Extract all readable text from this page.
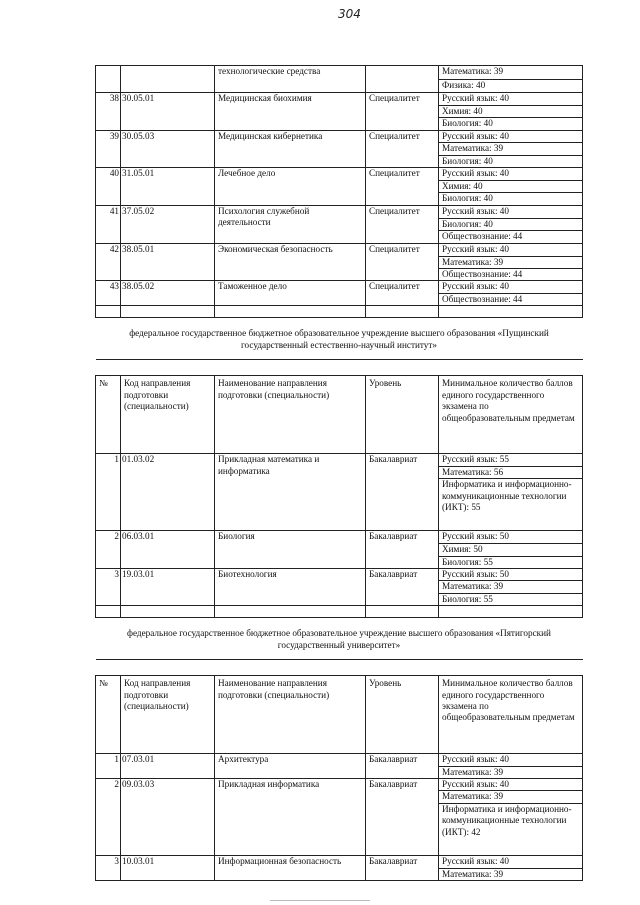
304
		технологические средства		Математика: 39
				Физика: 40
38	30.05.01	Медицинская биохимия	Специалитет	Русский язык: 40
				Химия: 40
				Биология: 40
39	30.05.03	Медицинская кибернетика	Специалитет	Русский язык: 40
				Математика: 39
				Биология: 40
40	31.05.01	Лечебное дело	Специалитет	Русский язык: 40
				Химия: 40
				Биология: 40
41	37.05.02	Психология служебной деятельности	Специалитет	Русский язык: 40
				Биология: 40
				Обществознание: 44
42	38.05.01	Экономическая безопасность	Специалитет	Русский язык: 40
				Математика: 39
				Обществознание: 44
43	38.05.02	Таможенное дело	Специалитет	Русский язык: 40
				Обществознание: 44

федеральное государственное бюджетное образовательное учреждение высшего образования «Пущинский государственный естественно-научный институт»				

№	Код направления подготовки (специальности)	Наименование направления подготовки (специальности)	Уровень	Минимальное количество баллов единого государственного экзамена по общеобразовательным предметам
1	01.03.02	Прикладная математика и информатика	Бакалавриат	Русский язык: 55
				Математика: 56
				Информатика и информационно-коммуникационные технологии (ИКТ): 55
2	06.03.01	Биология	Бакалавриат	Русский язык: 50
				Химия: 50
				Биология: 55
3	19.03.01	Биотехнология	Бакалавриат	Русский язык: 50
				Математика: 39
				Биология: 55

федеральное государственное бюджетное образовательное учреждение высшего образования «Пятигорский государственный университет»				

№	Код направления подготовки (специальности)	Наименование направления подготовки (специальности)	Уровень	Минимальное количество баллов единого государственного экзамена по общеобразовательным предметам
1	07.03.01	Архитектура	Бакалавриат	Русский язык: 40
				Математика: 39
2	09.03.03	Прикладная информатика	Бакалавриат	Русский язык: 40
				Математика: 39
				Информатика и информационно-коммуникационные технологии (ИКТ): 42
3	10.03.01	Информационная безопасность	Бакалавриат	Русский язык: 40
				Математика: 39
